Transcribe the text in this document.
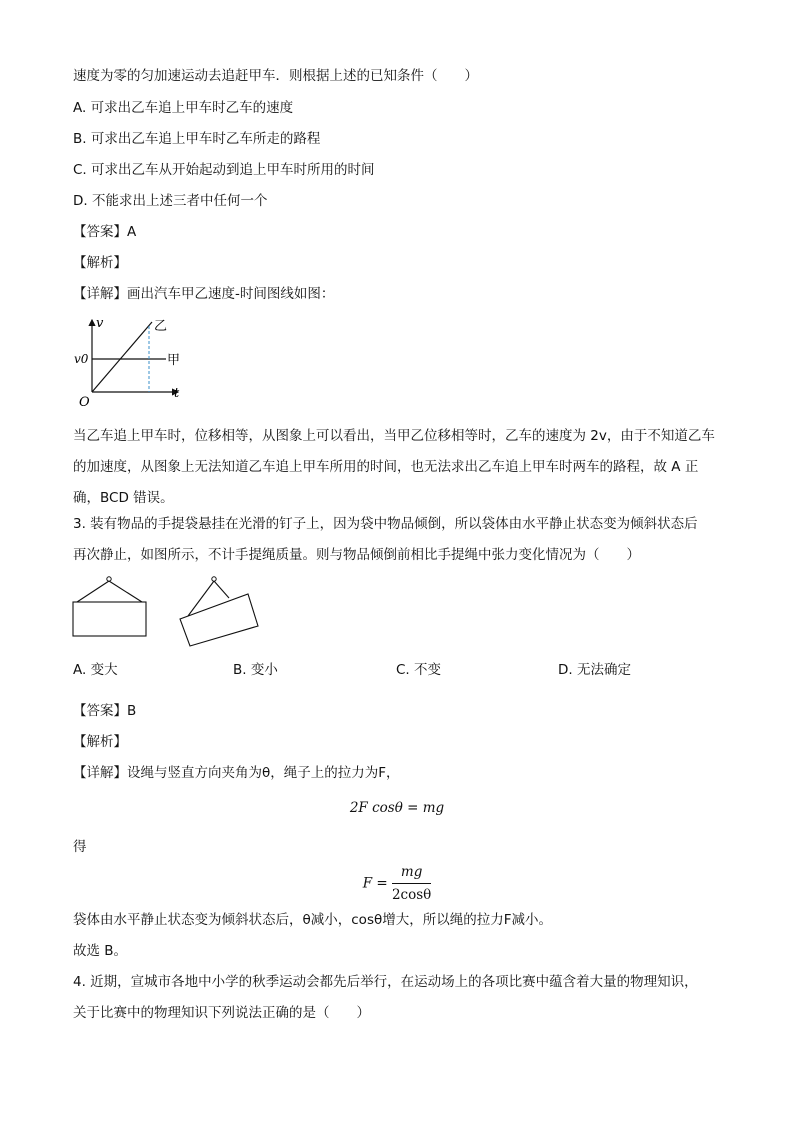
速度为零的匀加速运动去追赶甲车．则根据上述的已知条件（　　）
A. 可求出乙车追上甲车时乙车的速度
B. 可求出乙车追上甲车时乙车所走的路程
C. 可求出乙车从开始起动到追上甲车时所用的时间
D. 不能求出上述三者中任何一个
【答案】A
【解析】
【详解】画出汽车甲乙速度-时间图线如图：
v
t
O
v0	甲
乙
当乙车追上甲车时，位移相等，从图象上可以看出，当甲乙位移相等时，乙车的速度为 2v，由于不知道乙车的加速度，从图象上无法知道乙车追上甲车所用的时间，也无法求出乙车追上甲车时两车的路程，故 A 正确，BCD 错误。
3. 装有物品的手提袋悬挂在光滑的钉子上，因为袋中物品倾倒，所以袋体由水平静止状态变为倾斜状态后
再次静止，如图所示，不计手提绳质量。则与物品倾倒前相比手提绳中张力变化情况为（　　）
A. 变大	B. 变小	C. 不变	D. 无法确定
【答案】B
【解析】
【详解】设绳与竖直方向夹角为θ，绳子上的拉力为F，
2F cosθ = mg
得
$F = \frac{mg}{2\cos\theta}$
袋体由水平静止状态变为倾斜状态后，θ减小，cosθ增大，所以绳的拉力F减小。
故选 B。
4. 近期，宣城市各地中小学的秋季运动会都先后举行，在运动场上的各项比赛中蕴含着大量的物理知识，
关于比赛中的物理知识下列说法正确的是（　　）
